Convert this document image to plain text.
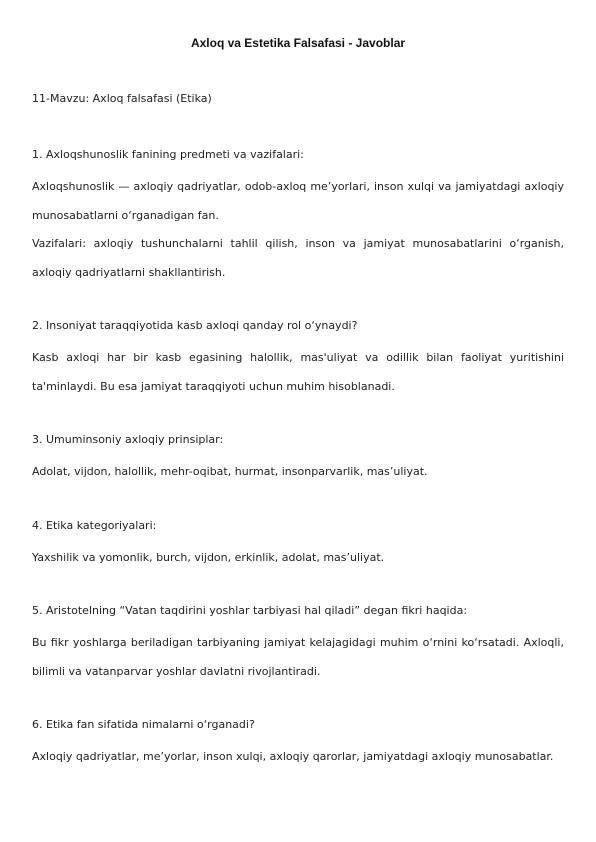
Axloq va Estetika Falsafasi - Javoblar
11-Mavzu: Axloq falsafasi (Etika)
1. Axloqshunoslik fanining predmeti va vazifalari:

Axloqshunoslik — axloqiy qadriyatlar, odob-axloq me’yorlari, inson xulqi va jamiyatdagi axloqiy munosabatlarni o‘rganadigan fan.

Vazifalari: axloqiy tushunchalarni tahlil qilish, inson va jamiyat munosabatlarini o‘rganish, axloqiy qadriyatlarni shakllantirish.

2. Insoniyat taraqqiyotida kasb axloqi qanday rol o‘ynaydi?

Kasb axloqi har bir kasb egasining halollik, mas'uliyat va odillik bilan faoliyat yuritishini ta'minlaydi. Bu esa jamiyat taraqqiyoti uchun muhim hisoblanadi.

3. Umuminsoniy axloqiy prinsiplar:

Adolat, vijdon, halollik, mehr-oqibat, hurmat, insonparvarlik, mas’uliyat.

4. Etika kategoriyalari:

Yaxshilik va yomonlik, burch, vijdon, erkinlik, adolat, mas’uliyat.

5. Aristotelning “Vatan taqdirini yoshlar tarbiyasi hal qiladi” degan fikri haqida:

Bu fikr yoshlarga beriladigan tarbiyaning jamiyat kelajagidagi muhim o‘rnini ko‘rsatadi. Axloqli, bilimli va vatanparvar yoshlar davlatni rivojlantiradi.

6. Etika fan sifatida nimalarni o‘rganadi?

Axloqiy qadriyatlar, me’yorlar, inson xulqi, axloqiy qarorlar, jamiyatdagi axloqiy munosabatlar.
